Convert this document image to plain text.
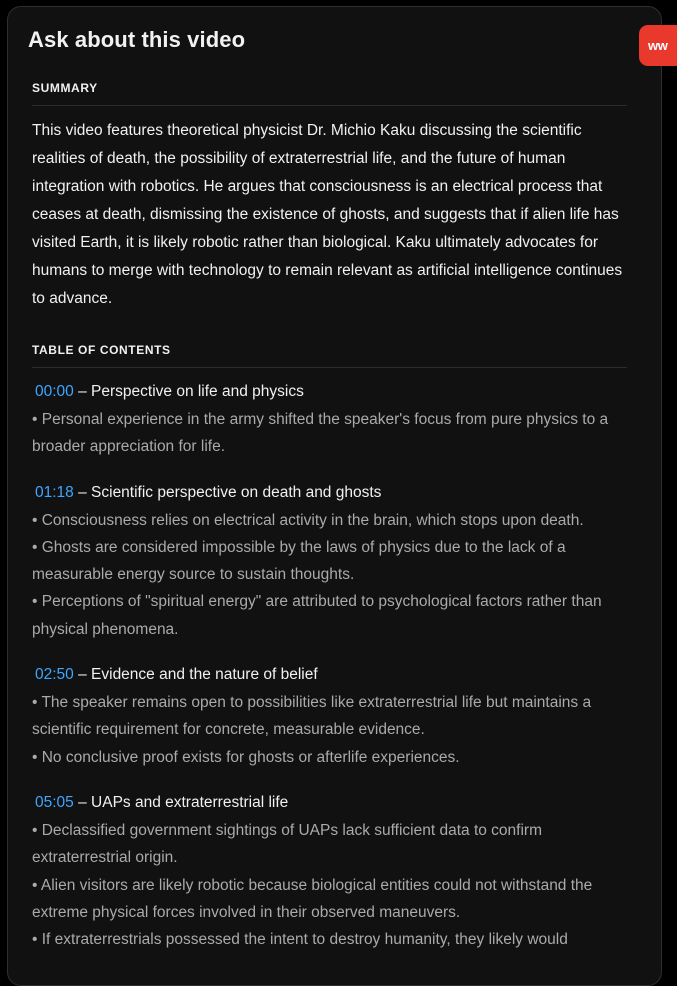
Ask about this video
SUMMARY

This video features theoretical physicist Dr. Michio Kaku discussing the scientific realities of death, the possibility of extraterrestrial life, and the future of human integration with robotics. He argues that consciousness is an electrical process that ceases at death, dismissing the existence of ghosts, and suggests that if alien life has visited Earth, it is likely robotic rather than biological. Kaku ultimately advocates for humans to merge with technology to remain relevant as artificial intelligence continues to advance.

TABLE OF CONTENTS
00:00 – Perspective on life and physics
• Personal experience in the army shifted the speaker's focus from pure physics to a broader appreciation for life.
01:18 – Scientific perspective on death and ghosts
• Consciousness relies on electrical activity in the brain, which stops upon death.
• Ghosts are considered impossible by the laws of physics due to the lack of a measurable energy source to sustain thoughts.
• Perceptions of "spiritual energy" are attributed to psychological factors rather than physical phenomena.
02:50 – Evidence and the nature of belief
• The speaker remains open to possibilities like extraterrestrial life but maintains a scientific requirement for concrete, measurable evidence.
• No conclusive proof exists for ghosts or afterlife experiences.
05:05 – UAPs and extraterrestrial life
• Declassified government sightings of UAPs lack sufficient data to confirm extraterrestrial origin.
• Alien visitors are likely robotic because biological entities could not withstand the extreme physical forces involved in their observed maneuvers.
• If extraterrestrials possessed the intent to destroy humanity, they likely would
ww
